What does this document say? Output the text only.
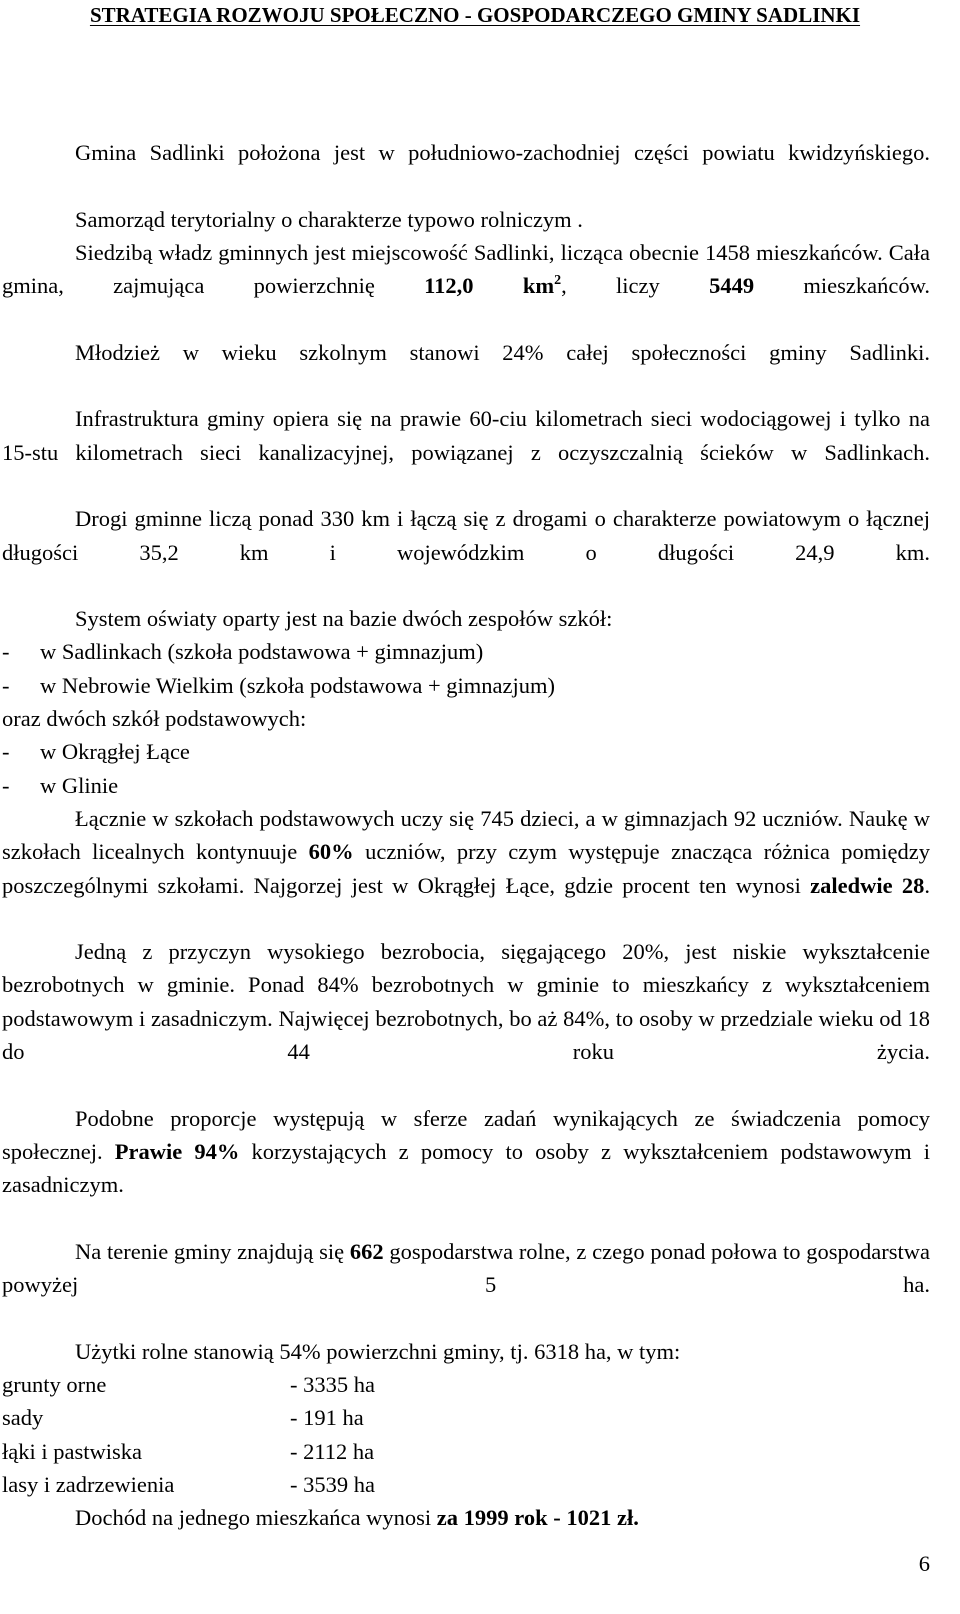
STRATEGIA ROZWOJU SPOŁECZNO - GOSPODARCZEGO GMINY SADLINKI

Gmina Sadlinki położona jest w południowo-zachodniej części powiatu kwidzyńskiego.

Samorząd terytorialny o charakterze typowo rolniczym .

Siedzibą władz gminnych jest miejscowość Sadlinki, licząca obecnie 1458 mieszkańców. Cała gmina, zajmująca powierzchnię 112,0 $km^2$, liczy 5449 mieszkańców.

Młodzież w wieku szkolnym stanowi 24% całej społeczności gminy Sadlinki.

Infrastruktura gminy opiera się na prawie 60-ciu kilometrach sieci wodociągowej i tylko na 15-stu kilometrach sieci kanalizacyjnej, powiązanej z oczyszczalnią ścieków w Sadlinkach.

Drogi gminne liczą ponad 330 km i łączą się z drogami o charakterze powiatowym o łącznej długości 35,2 km i wojewódzkim o długości 24,9 km.

System oświaty oparty jest na bazie dwóch zespołów szkół:

- w Sadlinkach (szkoła podstawowa + gimnazjum)

- w Nebrowie Wielkim (szkoła podstawowa + gimnazjum)

oraz dwóch szkół podstawowych:

- w Okrągłej Łące

- w Glinie

Łącznie w szkołach podstawowych uczy się 745 dzieci, a w gimnazjach 92 uczniów. Naukę w szkołach licealnych kontynuuje 60% uczniów, przy czym występuje znacząca różnica pomiędzy poszczególnymi szkołami. Najgorzej jest w Okrągłej Łące, gdzie procent ten wynosi zaledwie 28.

Jedną z przyczyn wysokiego bezrobocia, sięgającego 20%, jest niskie wykształcenie bezrobotnych w gminie. Ponad 84% bezrobotnych w gminie to mieszkańcy z wykształceniem podstawowym i zasadniczym. Najwięcej bezrobotnych, bo aż 84%, to osoby w przedziale wieku od 18 do 44 roku życia.

Podobne proporcje występują w sferze zadań wynikających ze świadczenia pomocy społecznej. Prawie 94% korzystających z pomocy to osoby z wykształceniem podstawowym i zasadniczym.

Na terenie gminy znajdują się 662 gospodarstwa rolne, z czego ponad połowa to gospodarstwa powyżej 5 ha.

Użytki rolne stanowią 54% powierzchni gminy, tj. 6318 ha, w tym:

grunty orne	- 3335 ha

sady	- 191 ha

łąki i pastwiska	- 2112 ha

lasy i zadrzewienia	- 3539 ha

Dochód na jednego mieszkańca wynosi za 1999 rok - 1021 zł.

6
